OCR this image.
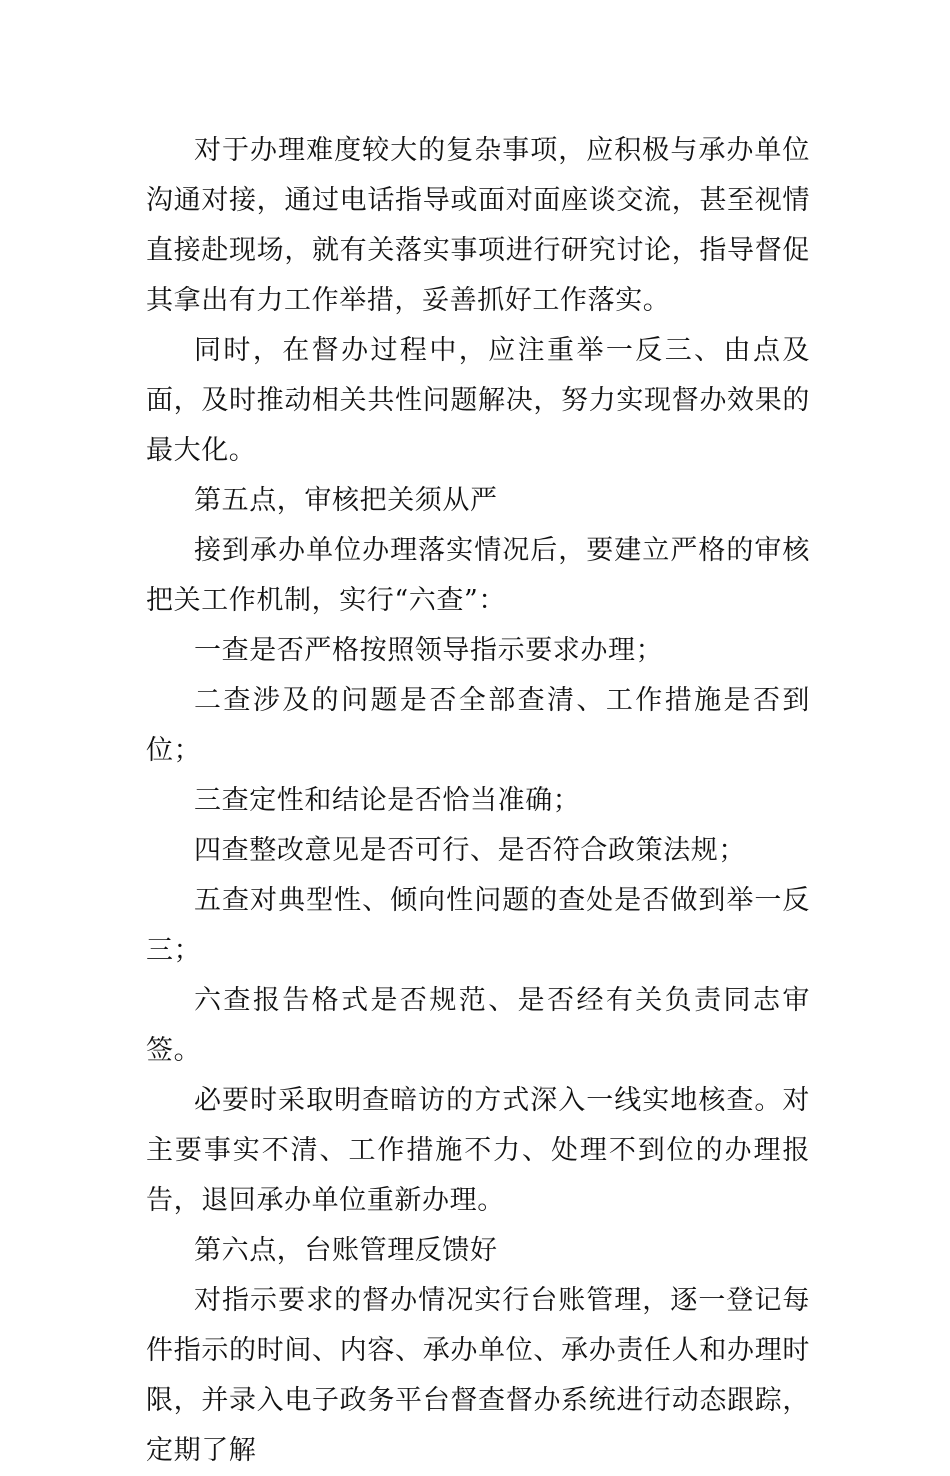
对于办理难度较大的复杂事项，应积极与承办单位沟通对接，通过电话指导或面对面座谈交流，甚至视情直接赴现场，就有关落实事项进行研究讨论，指导督促其拿出有力工作举措，妥善抓好工作落实。

同时，在督办过程中，应注重举一反三、由点及面，及时推动相关共性问题解决，努力实现督办效果的最大化。

第五点，审核把关须从严

接到承办单位办理落实情况后，要建立严格的审核把关工作机制，实行“六查”：

一查是否严格按照领导指示要求办理；

二查涉及的问题是否全部查清、工作措施是否到位；

三查定性和结论是否恰当准确；

四查整改意见是否可行、是否符合政策法规；

五查对典型性、倾向性问题的查处是否做到举一反三；

六查报告格式是否规范、是否经有关负责同志审签。

必要时采取明查暗访的方式深入一线实地核查。对主要事实不清、工作措施不力、处理不到位的办理报告，退回承办单位重新办理。

第六点，台账管理反馈好

对指示要求的督办情况实行台账管理，逐一登记每件指示的时间、内容、承办单位、承办责任人和办理时限，并录入电子政务平台督查督办系统进行动态跟踪，定期了解
